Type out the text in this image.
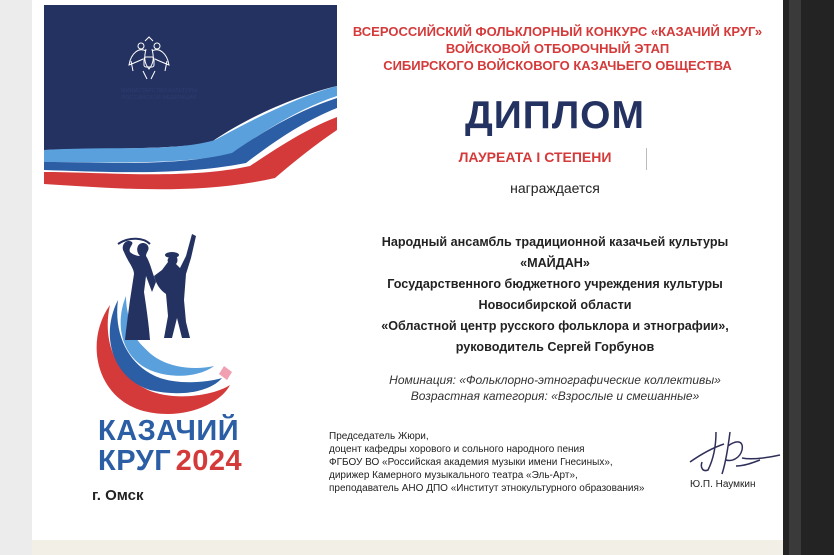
МИНИСТЕРСТВО КУЛЬТУРЫ
РОССИЙСКОЙ ФЕДЕРАЦИИ
ВСЕРОССИЙСКИЙ ФОЛЬКЛОРНЫЙ КОНКУРС «КАЗАЧИЙ КРУГ»
ВОЙСКОВОЙ ОТБОРОЧНЫЙ ЭТАП
СИБИРСКОГО ВОЙСКОВОГО КАЗАЧЬЕГО ОБЩЕСТВА
ДИПЛОМ
ЛАУРЕАТА I СТЕПЕНИ
награждается
Народный ансамбль традиционной казачьей культуры
«МАЙДАН»
Государственного бюджетного учреждения культуры
Новосибирской области
«Областной центр русского фольклора и этнографии»,
руководитель Сергей Горбунов
Номинация: «Фольклорно-этнографические коллективы»
Возрастная категория: «Взрослые и смешанные»
Председатель Жюри,
доцент кафедры хорового и сольного народного пения
ФГБОУ ВО «Российская академия музыки имени Гнесиных»,
дирижер Камерного музыкального театра «Эль-Арт»,
преподаватель АНО ДПО «Институт этнокультурного образования»	Ю.П. Наумкин
КАЗАЧИЙ
КРУГ 2024
г. Омск
